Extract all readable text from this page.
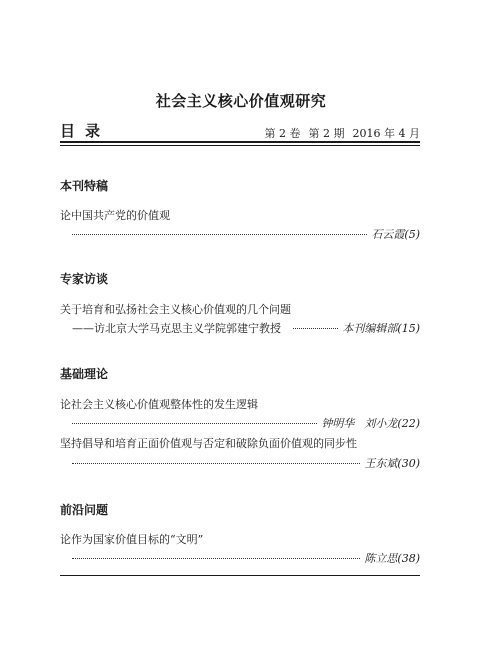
社会主义核心价值观研究
目录	第 2 卷 第 2 期 2016 年 4 月
本刊特稿
论中国共产党的价值观
石云霞(5)
专家访谈
关于培育和弘扬社会主义核心价值观的几个问题
——访北京大学马克思主义学院郭建宁教授	本刊编辑部(15)
基础理论
论社会主义核心价值观整体性的发生逻辑
钟明华 刘小龙(22)
坚持倡导和培育正面价值观与否定和破除负面价值观的同步性
王东斌(30)
前沿问题
论作为国家价值目标的“文明”
陈立思(38)
